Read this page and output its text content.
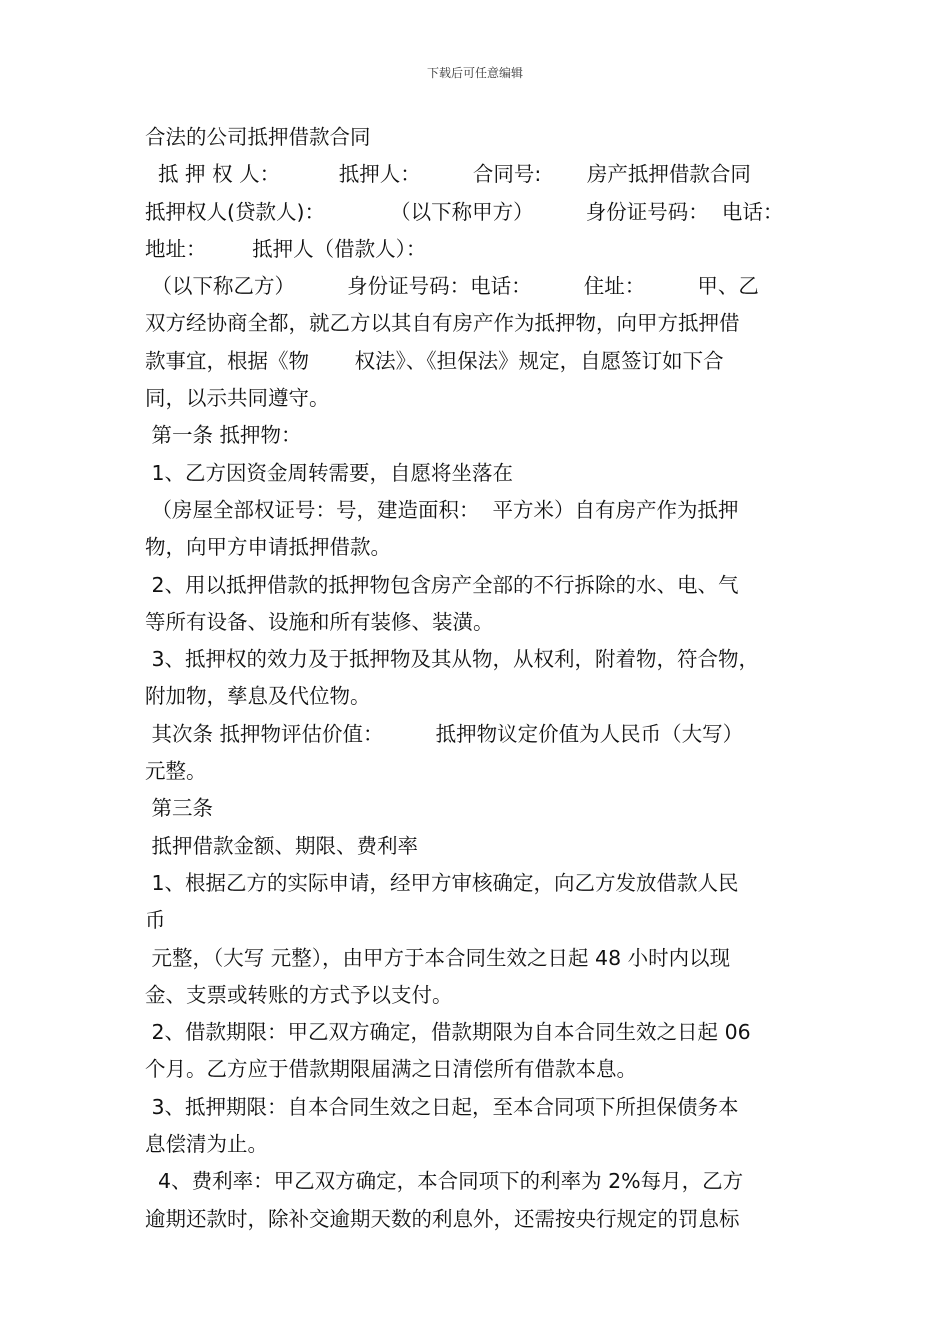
下载后可任意编辑
合法的公司抵押借款合同
抵 押 权 人：         抵押人：        合同号:       房产抵押借款合同
抵押权人(贷款人)：          （以下称甲方）        身份证号码：  电话：
地址：       抵押人（借款人）：
（以下称乙方）        身份证号码：电话：        住址：        甲、乙
双方经协商全都，就乙方以其自有房产作为抵押物，向甲方抵押借
款事宜，根据《物       权法》、《担保法》规定，自愿签订如下合
同，以示共同遵守。
第一条 抵押物：
1、乙方因资金周转需要，自愿将坐落在
（房屋全部权证号：号，建造面积：  平方米）自有房产作为抵押
物，向甲方申请抵押借款。
2、用以抵押借款的抵押物包含房产全部的不行拆除的水、电、气
等所有设备、设施和所有装修、装潢。
3、抵押权的效力及于抵押物及其从物，从权利，附着物，符合物，
附加物，孳息及代位物。
其次条 抵押物评估价值：        抵押物议定价值为人民币（大写）
元整。
第三条
抵押借款金额、期限、费利率
1、根据乙方的实际申请，经甲方审核确定，向乙方发放借款人民
币
元整，（大写 元整），由甲方于本合同生效之日起 48 小时内以现
金、支票或转账的方式予以支付。
2、借款期限：甲乙双方确定，借款期限为自本合同生效之日起 06
个月。乙方应于借款期限届满之日清偿所有借款本息。
3、抵押期限：自本合同生效之日起，至本合同项下所担保债务本
息偿清为止。
4、费利率：甲乙双方确定，本合同项下的利率为 2%每月，乙方
逾期还款时，除补交逾期天数的利息外，还需按央行规定的罚息标
